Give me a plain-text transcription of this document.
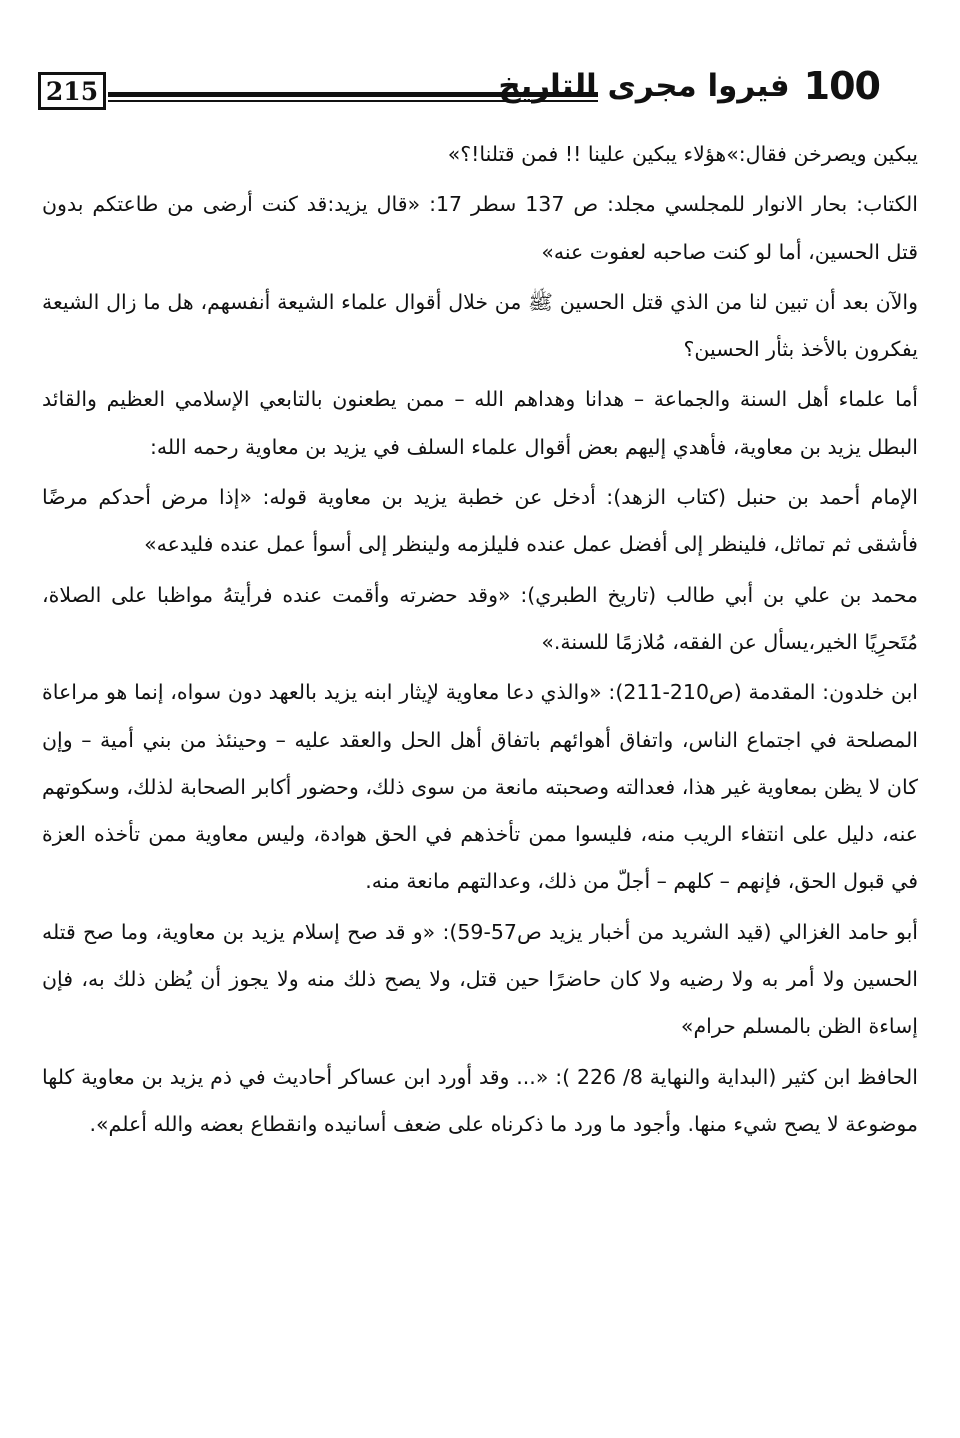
215	100
فيروا مجرى التاريخ

يبكين ويصرخن فقال:»هؤلاء يبكين علينا !! فمن قتلنا!؟»

الكتاب: بحار الانوار للمجلسي مجلد: ص 137 سطر 17: «قال يزيد:قد كنت أرضى من طاعتكم بدون قتل الحسين، أما لو كنت صاحبه لعفوت عنه»

والآن بعد أن تبين لنا من الذي قتل الحسين ﷺ من خلال أقوال علماء الشيعة أنفسهم، هل ما زال الشيعة يفكرون بالأخذ بثأر الحسين؟

أما علماء أهل السنة والجماعة – هدانا وهداهم الله – ممن يطعنون بالتابعي الإسلامي العظيم والقائد البطل يزيد بن معاوية، فأهدي إليهم بعض أقوال علماء السلف في يزيد بن معاوية رحمه الله:

الإمام أحمد بن حنبل (كتاب الزهد): أدخل عن خطبة يزيد بن معاوية قوله: «إذا مرض أحدكم مرضًا فأشقى ثم تماثل، فلينظر إلى أفضل عمل عنده فليلزمه ولينظر إلى أسوأ عمل عنده فليدعه»

محمد بن علي بن أبي طالب (تاريخ الطبري): «وقد حضرته وأقمت عنده فرأيتهُ مواظبا على الصلاة، مُتَحرِيًا الخير،يسأل عن الفقه، مُلازمًا للسنة.»

ابن خلدون: المقدمة (ص210-211): «والذي دعا معاوية لإيثار ابنه يزيد بالعهد دون سواه، إنما هو مراعاة المصلحة في اجتماع الناس، واتفاق أهوائهم باتفاق أهل الحل والعقد عليه – وحينئذ من بني أمية – وإن كان لا يظن بمعاوية غير هذا، فعدالته وصحبته مانعة من سوى ذلك، وحضور أكابر الصحابة لذلك، وسكوتهم عنه، دليل على انتفاء الريب منه، فليسوا ممن تأخذهم في الحق هوادة، وليس معاوية ممن تأخذه العزة في قبول الحق، فإنهم – كلهم – أجلّ من ذلك، وعدالتهم مانعة منه.

أبو حامد الغزالي (قيد الشريد من أخبار يزيد ص57-59): «و قد صح إسلام يزيد بن معاوية، وما صح قتله الحسين ولا أمر به ولا رضيه ولا كان حاضرًا حين قتل، ولا يصح ذلك منه ولا يجوز أن يُظن ذلك به، فإن إساءة الظن بالمسلم حرام»

الحافظ ابن كثير (البداية والنهاية 8/ 226 ): «... وقد أورد ابن عساكر أحاديث في ذم يزيد بن معاوية كلها موضوعة لا يصح شيء منها. وأجود ما ورد ما ذكرناه على ضعف أسانيده وانقطاع بعضه والله أعلم».
